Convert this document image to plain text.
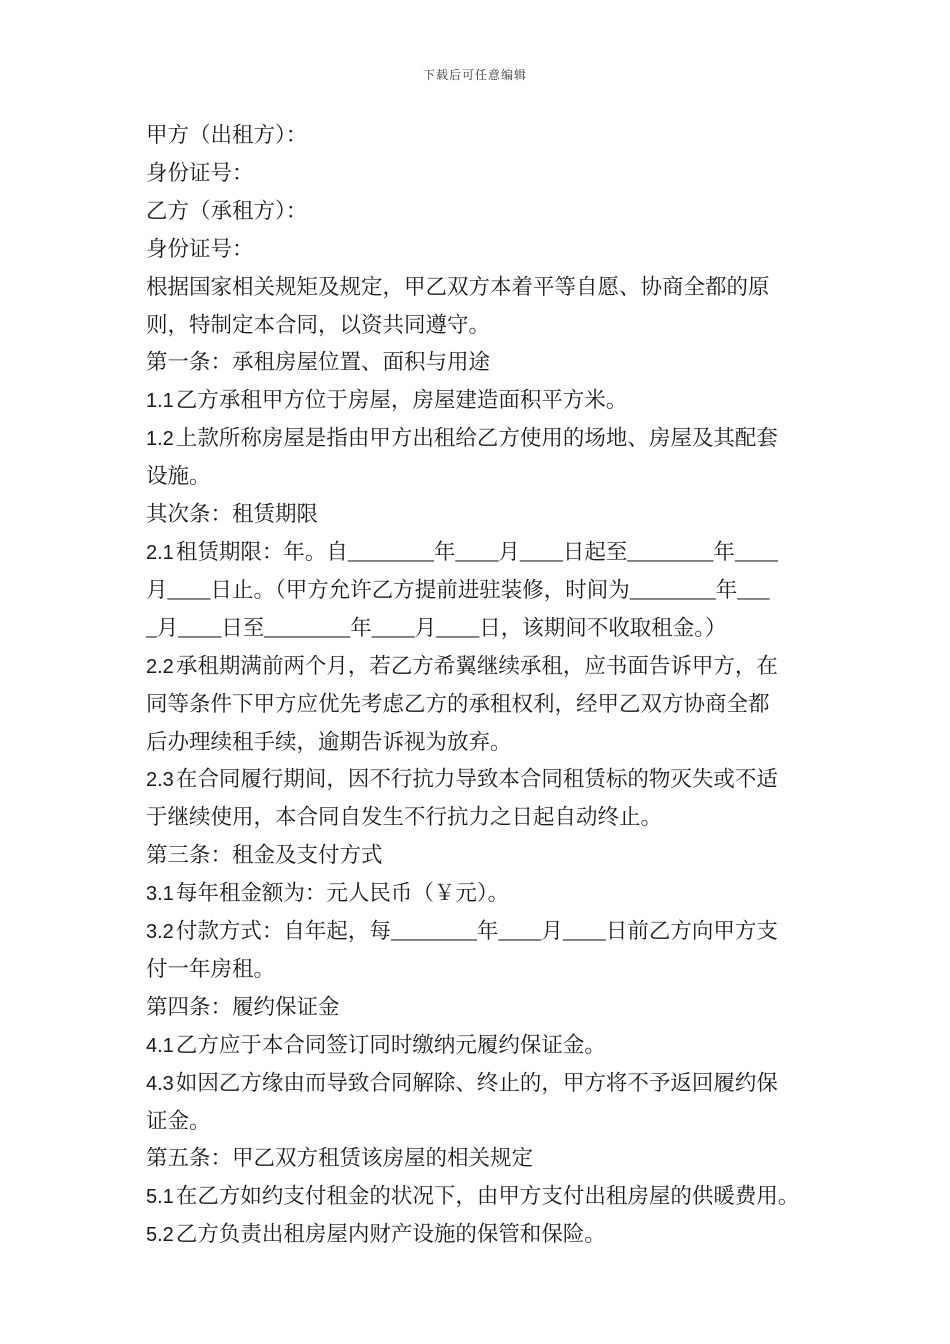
下载后可任意编辑

甲方（出租方）：

身份证号：

乙方（承租方）：

身份证号：

根据国家相关规矩及规定，甲乙双方本着平等自愿、协商全都的原

则，特制定本合同，以资共同遵守。

第一条：承租房屋位置、面积与用途

1.1乙方承租甲方位于房屋，房屋建造面积平方米。

1.2上款所称房屋是指由甲方出租给乙方使用的场地、房屋及其配套

设施。

其次条：租赁期限

2.1租赁期限：年。自________年____月____日起至________年____

月____日止。（甲方允许乙方提前进驻装修，时间为________年___

_月____日至________年____月____日，该期间不收取租金。）

2.2承租期满前两个月，若乙方希翼继续承租，应书面告诉甲方，在

同等条件下甲方应优先考虑乙方的承租权利，经甲乙双方协商全都

后办理续租手续，逾期告诉视为放弃。

2.3在合同履行期间，因不行抗力导致本合同租赁标的物灭失或不适

于继续使用，本合同自发生不行抗力之日起自动终止。

第三条：租金及支付方式

3.1每年租金额为：元人民币（￥元）。

3.2付款方式：自年起，每________年____月____日前乙方向甲方支

付一年房租。

第四条：履约保证金

4.1乙方应于本合同签订同时缴纳元履约保证金。

4.3如因乙方缘由而导致合同解除、终止的，甲方将不予返回履约保

证金。

第五条：甲乙双方租赁该房屋的相关规定

5.1在乙方如约支付租金的状况下，由甲方支付出租房屋的供暖费用。

5.2乙方负责出租房屋内财产设施的保管和保险。
